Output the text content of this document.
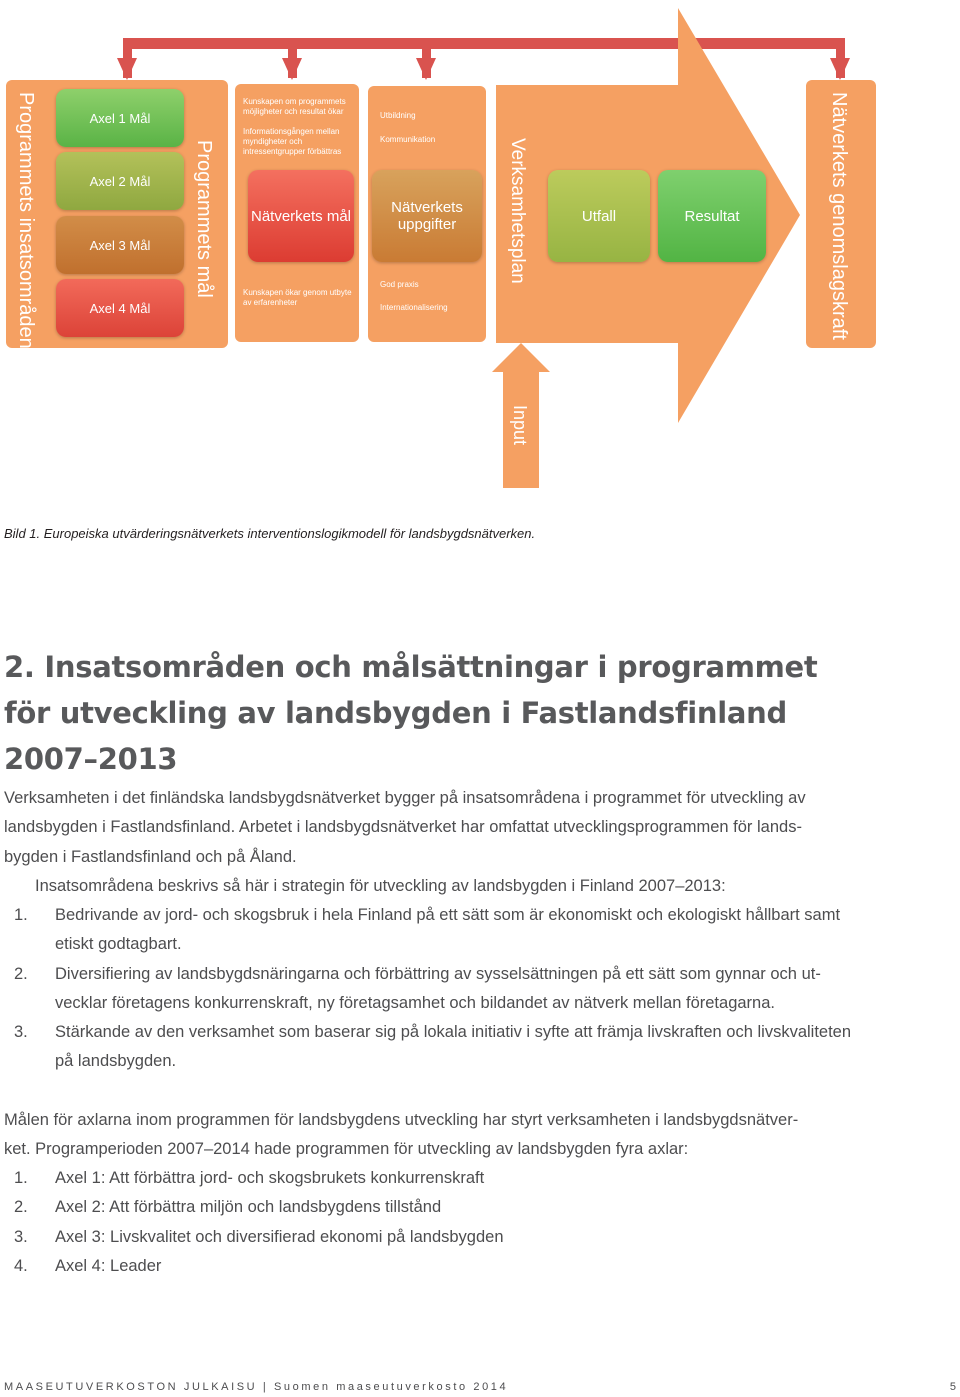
Programmets insatsområden	Programmets mål
Axel 1 Mål
Axel 2 Mål
Axel 3 Mål
Axel 4 Mål
Kunskapen om programmets möjligheter och resultat ökar
Informationsgången mellan myndigheter och intressentgrupper förbättras
Nätverkets mål
Kunskapen ökar genom utbyte av erfarenheter
Utbildning
Kommunikation
Nätverkets uppgifter
God praxis
Internationalisering
Verksamhetsplan	Utfall	Resultat	Nätverkets genomslagskraft
Input
Bild 1. Europeiska utvärderingsnätverkets interventionslogikmodell för landsbygdsnätverken.
2. Insatsområden och målsättningar i programmet
för utveckling av landsbygden i Fastlandsfinland
2007–2013
Verksamheten i det finländska landsbygdsnätverket bygger på insatsområdena i programmet för utveckling av
landsbygden i Fastlandsfinland. Arbetet i landsbygdsnätverket har omfattat utvecklingsprogrammen för lands-
bygden i Fastlandsfinland och på Åland.
Insatsområdena beskrivs så här i strategin för utveckling av landsbygden i Finland 2007–2013:
1. Bedrivande av jord- och skogsbruk i hela Finland på ett sätt som är ekonomiskt och ekologiskt hållbart samt
etiskt godtagbart.
2. Diversifiering av landsbygdsnäringarna och förbättring av sysselsättningen på ett sätt som gynnar och ut-
vecklar företagens konkurrenskraft, ny företagsamhet och bildandet av nätverk mellan företagarna.
3. Stärkande av den verksamhet som baserar sig på lokala initiativ i syfte att främja livskraften och livskvaliteten
på landsbygden.
Målen för axlarna inom programmen för landsbygdens utveckling har styrt verksamheten i landsbygdsnätver-
ket. Programperioden 2007–2014 hade programmen för utveckling av landsbygden fyra axlar:
1. Axel 1: Att förbättra jord- och skogsbrukets konkurrenskraft
2. Axel 2: Att förbättra miljön och landsbygdens tillstånd
3. Axel 3: Livskvalitet och diversifierad ekonomi på landsbygden
4. Axel 4: Leader
MAASEUTUVERKOSTON JULKAISU | Suomen maaseutuverkosto 2014	5
